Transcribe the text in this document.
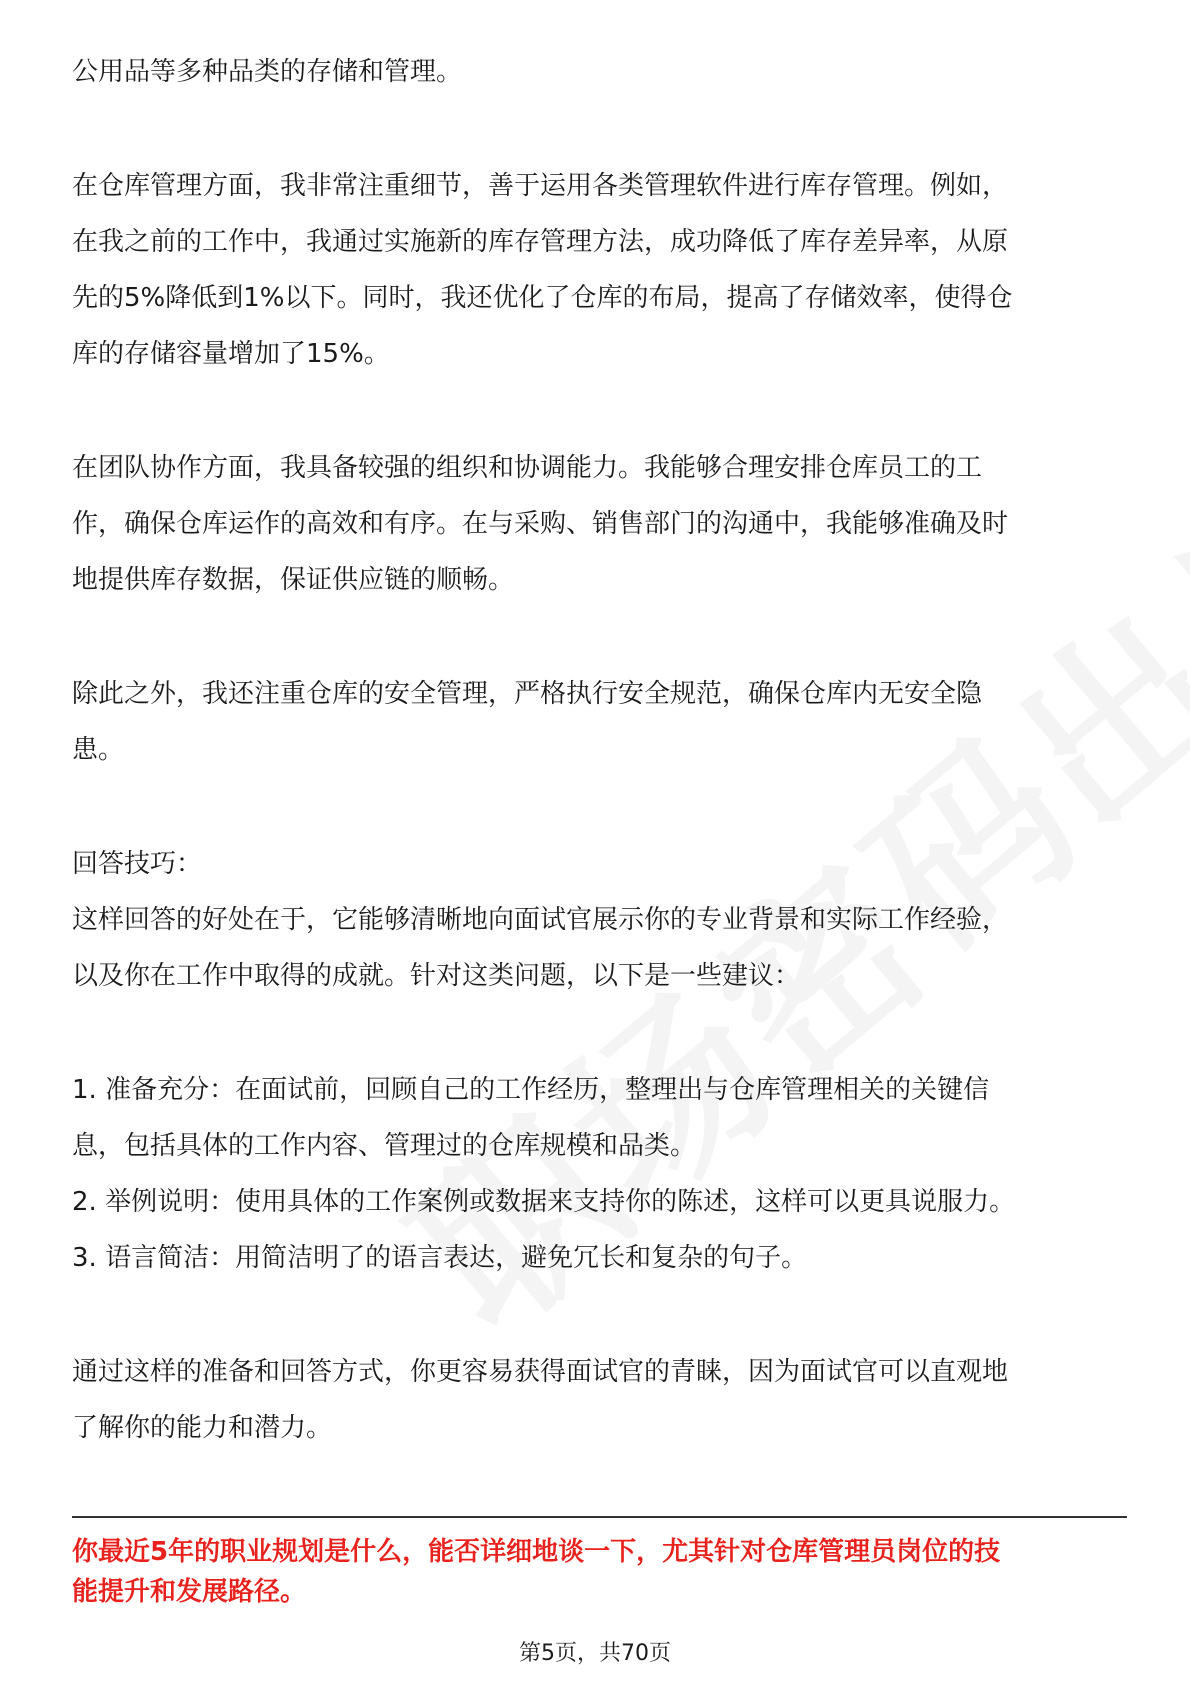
公用品等多种品类的存储和管理。

在仓库管理方面，我非常注重细节，善于运用各类管理软件进行库存管理。例如，

在我之前的工作中，我通过实施新的库存管理方法，成功降低了库存差异率，从原

先的5%降低到1%以下。同时，我还优化了仓库的布局，提高了存储效率，使得仓

库的存储容量增加了15%。

在团队协作方面，我具备较强的组织和协调能力。我能够合理安排仓库员工的工

作，确保仓库运作的高效和有序。在与采购、销售部门的沟通中，我能够准确及时

地提供库存数据，保证供应链的顺畅。

除此之外，我还注重仓库的安全管理，严格执行安全规范，确保仓库内无安全隐

患。

回答技巧：

这样回答的好处在于，它能够清晰地向面试官展示你的专业背景和实际工作经验，

以及你在工作中取得的成就。针对这类问题，以下是一些建议：

1. 准备充分：在面试前，回顾自己的工作经历，整理出与仓库管理相关的关键信

息，包括具体的工作内容、管理过的仓库规模和品类。

2. 举例说明：使用具体的工作案例或数据来支持你的陈述，这样可以更具说服力。

3. 语言简洁：用简洁明了的语言表达，避免冗长和复杂的句子。

通过这样的准备和回答方式，你更容易获得面试官的青睐，因为面试官可以直观地

了解你的能力和潜力。

你最近5年的职业规划是什么，能否详细地谈一下，尤其针对仓库管理员岗位的技
能提升和发展路径。
第5页，共70页
